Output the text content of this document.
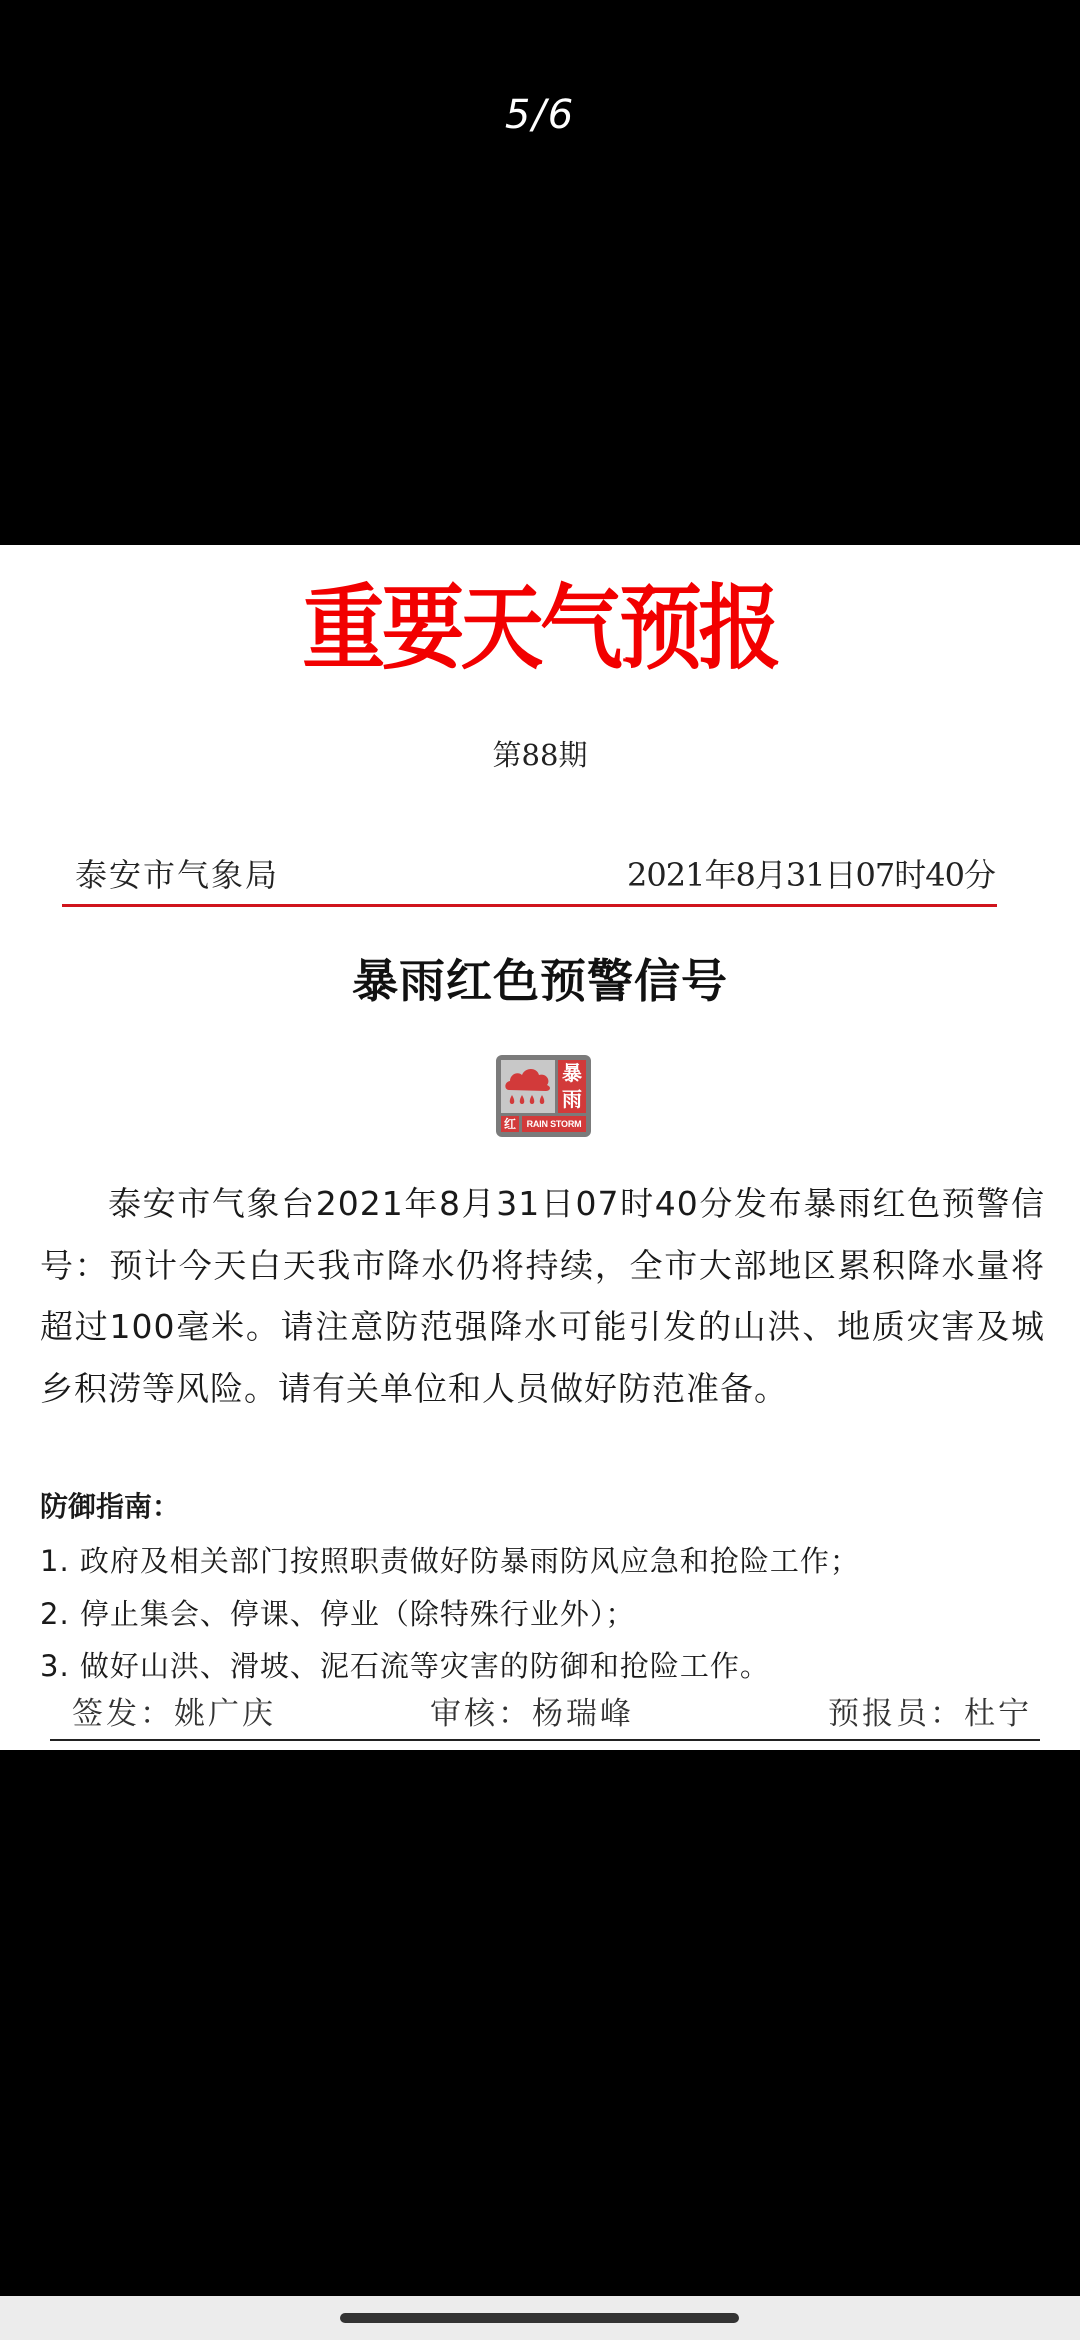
5/6
重要天气预报
第88期
泰安市气象局	2021年8月31日07时40分
暴雨红色预警信号
暴
雨
红	RAIN STORM
泰安市气象台2021年8月31日07时40分发布暴雨红色预警信号：预计今天白天我市降水仍将持续，全市大部地区累积降水量将超过100毫米。请注意防范强降水可能引发的山洪、地质灾害及城乡积涝等风险。请有关单位和人员做好防范准备。
防御指南：
1. 政府及相关部门按照职责做好防暴雨防风应急和抢险工作；
2. 停止集会、停课、停业（除特殊行业外）；
3. 做好山洪、滑坡、泥石流等灾害的防御和抢险工作。
签发：姚广庆	审核：杨瑞峰	预报员：杜宁
